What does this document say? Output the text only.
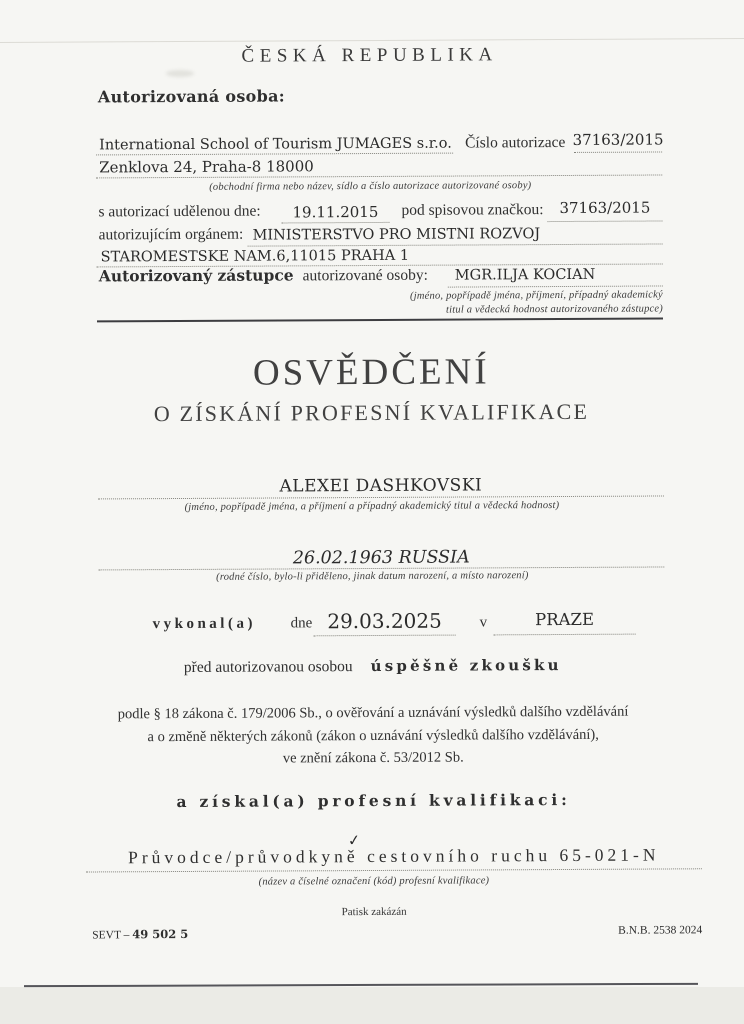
ČESKÁ REPUBLIKA
Autorizovaná osoba:
International School of Tourism JUMAGES s.r.o. Číslo autorizace 37163/2015
Zenklova 24, Praha-8 18000
(obchodní firma nebo název, sídlo a číslo autorizace autorizované osoby)
s autorizací udělenou dne: 19.11.2015 pod spisovou značkou: 37163/2015
autorizujícím orgánem: MINISTERSTVO PRO MISTNI ROZVOJ
STAROMESTSKE NAM.6,11015 PRAHA 1
Autorizovaný zástupce autorizované osoby:	MGR.ILJA KOCIAN
(jméno, popřípadě jména, příjmení, případný akademický
titul a vědecká hodnost autorizovaného zástupce)
OSVĚDČENÍ
O ZÍSKÁNÍ PROFESNÍ KVALIFIKACE
ALEXEI DASHKOVSKI
(jméno, popřípadě jména, a příjmení a případný akademický titul a vědecká hodnost)
26.02.1963 RUSSIA
(rodné číslo, bylo-li přiděleno, jinak datum narození, a místo narození)
vykonal(a) dne 29.03.2025	v	PRAZE
před autorizovanou osobou úspěšně zkoušku
podle § 18 zákona č. 179/2006 Sb., o ověřování a uznávání výsledků dalšího vzdělávání
a o změně některých zákonů (zákon o uznávání výsledků dalšího vzdělávání),
ve znění zákona č. 53/2012 Sb.
a získal(a) profesní kvalifikaci:
Průvodce/průvodkyn ě
✓
cestovního ruchu 65-021-N
(název a číselné označení (kód) profesní kvalifikace)
Patisk zakázán
SEVT – 49 502 5	B.N.B. 2538 2024
